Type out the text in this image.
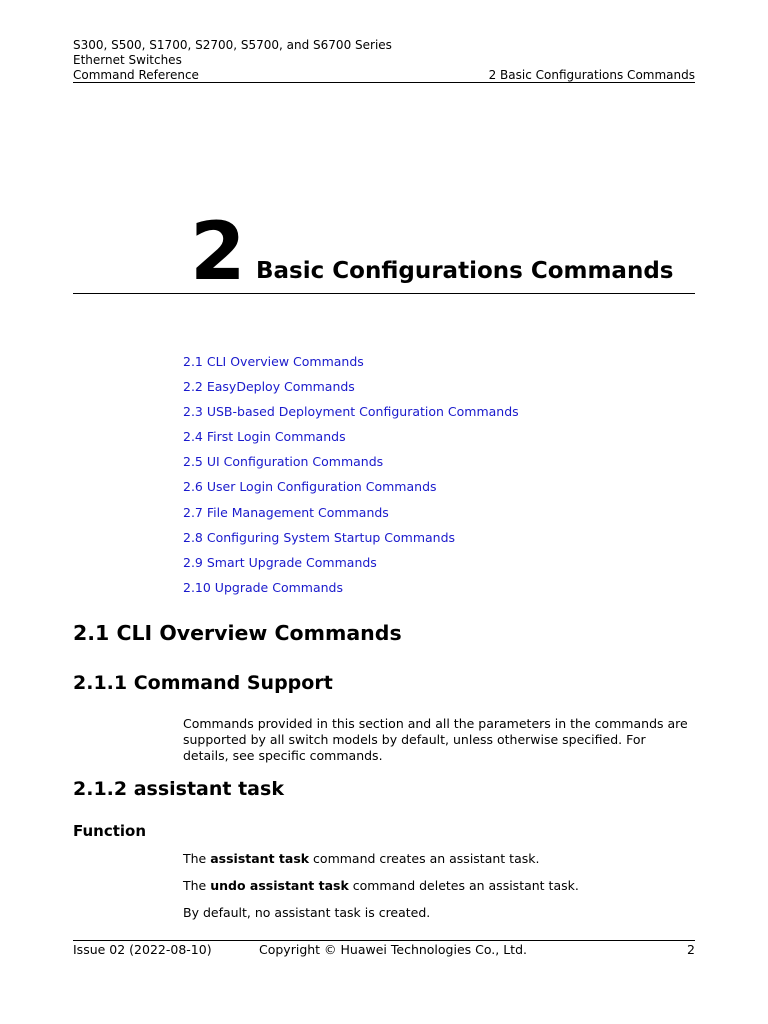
S300, S500, S1700, S2700, S5700, and S6700 Series
Ethernet Switches
Command Reference	2 Basic Configurations Commands
2 Basic Configurations Commands
2.1 CLI Overview Commands
2.2 EasyDeploy Commands
2.3 USB-based Deployment Configuration Commands
2.4 First Login Commands
2.5 UI Configuration Commands
2.6 User Login Configuration Commands
2.7 File Management Commands
2.8 Configuring System Startup Commands
2.9 Smart Upgrade Commands
2.10 Upgrade Commands
2.1 CLI Overview Commands
2.1.1 Command Support
Commands provided in this section and all the parameters in the commands are supported by all switch models by default, unless otherwise specified. For details, see specific commands.
2.1.2 assistant task
Function
The assistant task command creates an assistant task.
The undo assistant task command deletes an assistant task.
By default, no assistant task is created.
Issue 02 (2022-08-10)	Copyright © Huawei Technologies Co., Ltd.	2
